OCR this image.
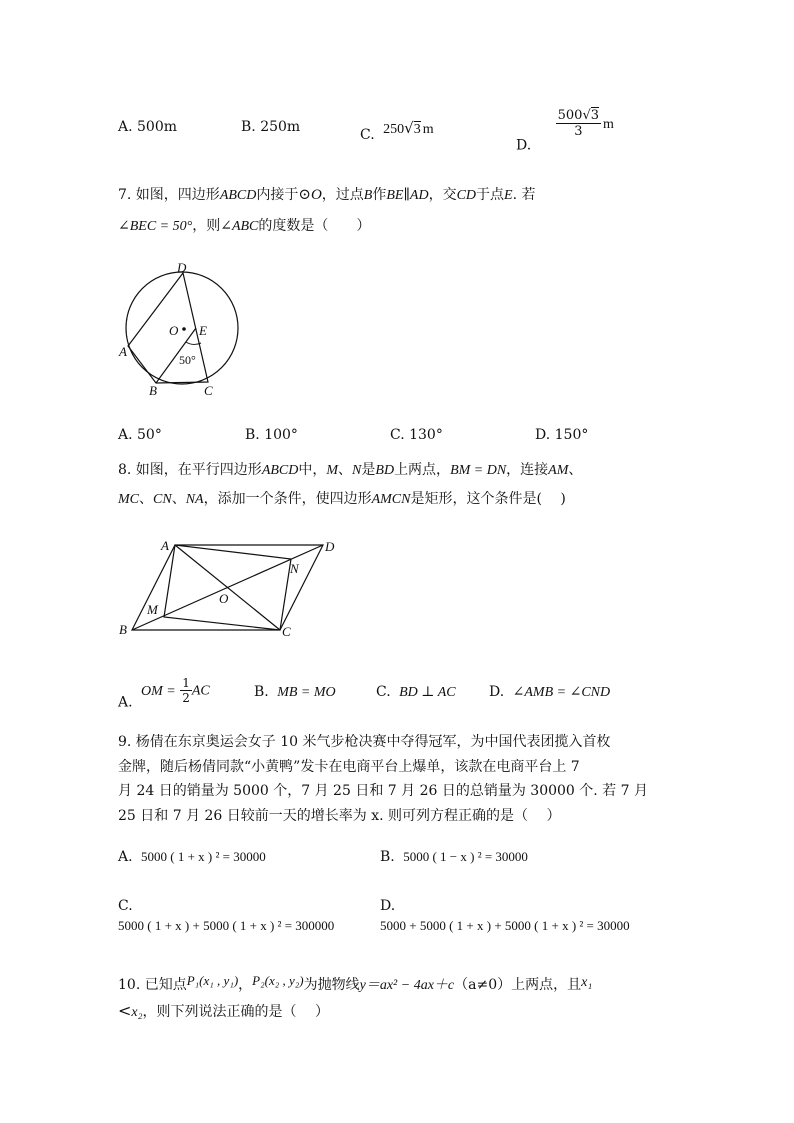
A. 500m	B. 250m	C. 250√3 m
D.
$\frac{500√3}{3}$ m
7. 如图，四边形ABCD内接于⊙O，过点B作BE∥AD，交CD于点E. 若
∠BEC = 50°，则∠ABC的度数是（　　）
D
O E
A
50°
B	C
A. 50°	B. 100°	C. 130°	D. 150°
8. 如图，在平行四边形ABCD中，M、N是BD上两点，BM = DN，连接AM、
MC、CN、NA，添加一个条件，使四边形AMCN是矩形，这个条件是(　 )
A	D
N
O
M
B	C
A. OM = $\frac{1}{2}$ AC	B. MB = MO	C. BD ⊥ AC D. ∠AMB = ∠CND
9. 杨倩在东京奥运会女子 10 米气步枪决赛中夺得冠军，为中国代表团揽入首枚
金牌，随后杨倩同款“小黄鸭”发卡在电商平台上爆单，该款在电商平台上 7
月 24 日的销量为 5000 个，7 月 25 日和 7 月 26 日的总销量为 30000 个. 若 7 月
25 日和 7 月 26 日较前一天的增长率为 x. 则可列方程正确的是（　 ）
A. 5000 ( 1 + x ) ² = 30000	B. 5000 ( 1 − x ) ² = 30000
C.
5000 ( 1 + x ) + 5000 ( 1 + x ) ² = 300000
D.
5000 + 5000 ( 1 + x ) + 5000 ( 1 + x ) ² = 30000
10. 已知点P₁(x₁ , y₁)，P₂(x₂ , y₂)为抛物线y＝ax² − 4ax＋c（a≠0）上两点，且x₁
<x₂，则下列说法正确的是（　 ）
